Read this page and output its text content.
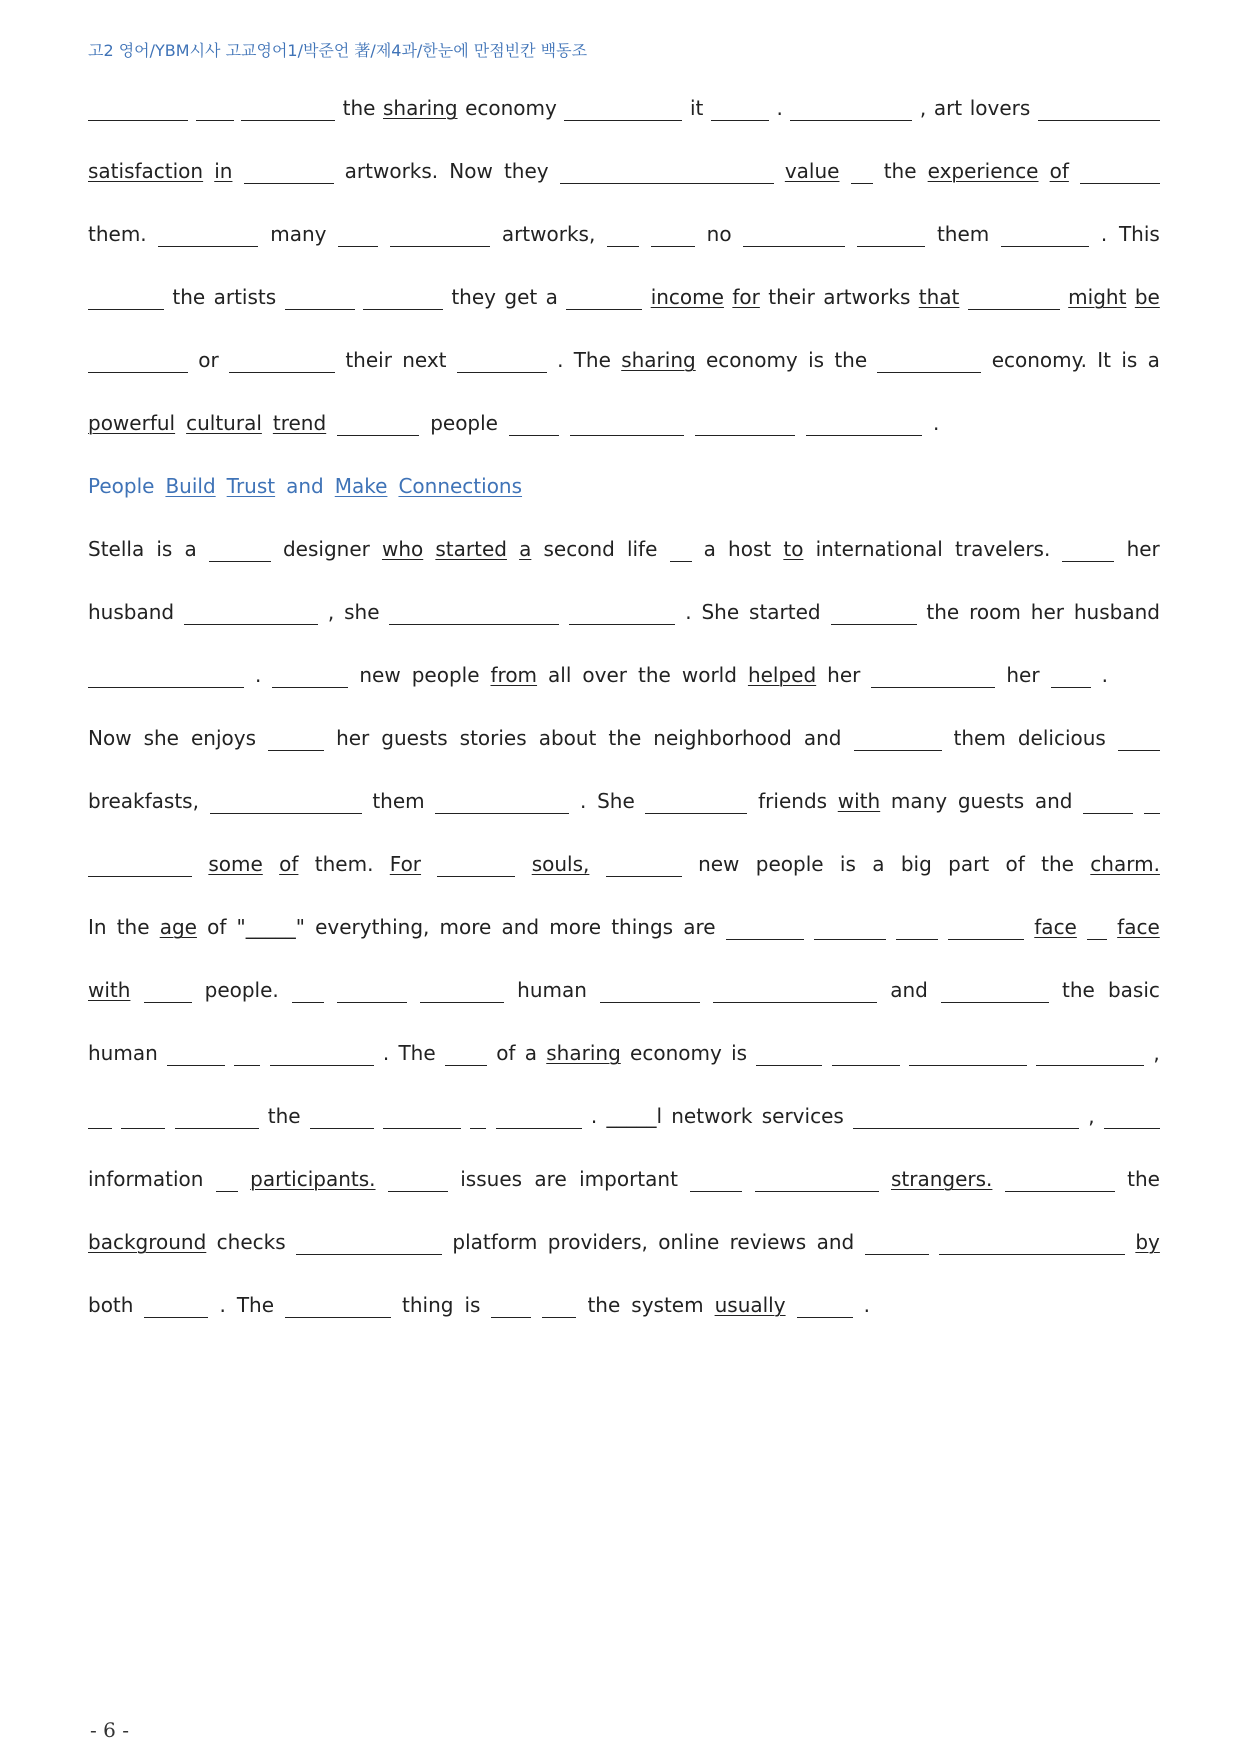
고2 영어/YBM시사 고교영어1/박준언 著/제4과/한눈에 만점빈칸 백동조
the sharing economy	it	.	, art lovers
satisfaction in	artworks. Now they	value the experience of
them.	many	artworks,	no	them	. This
the artists	they get a	income for their artworks that	might be
or	their next	. The sharing economy is the	economy. It is a
powerful cultural trend	people	.
People Build Trust and Make Connections
Stella is a	designer who started a second life a host to international travelers.	her
husband	, she	. She started	the room her husband
.	new people from all over the world helped her	her	.
Now she enjoys	her guests stories about the neighborhood and	them delicious
breakfasts,	them	. She	friends with many guests and
some of them. For	souls,	new people is a big part of the charm.
In the age of "_____" everything, more and more things are	face face
with	people.	human	and	the basic
human	. The	of a sharing economy is	,
the	. _____l network services	,
information participants.	issues are important	strangers.	the
background checks	platform providers, online reviews and	by
both	. The	thing is	the system usually	.
- 6 -
